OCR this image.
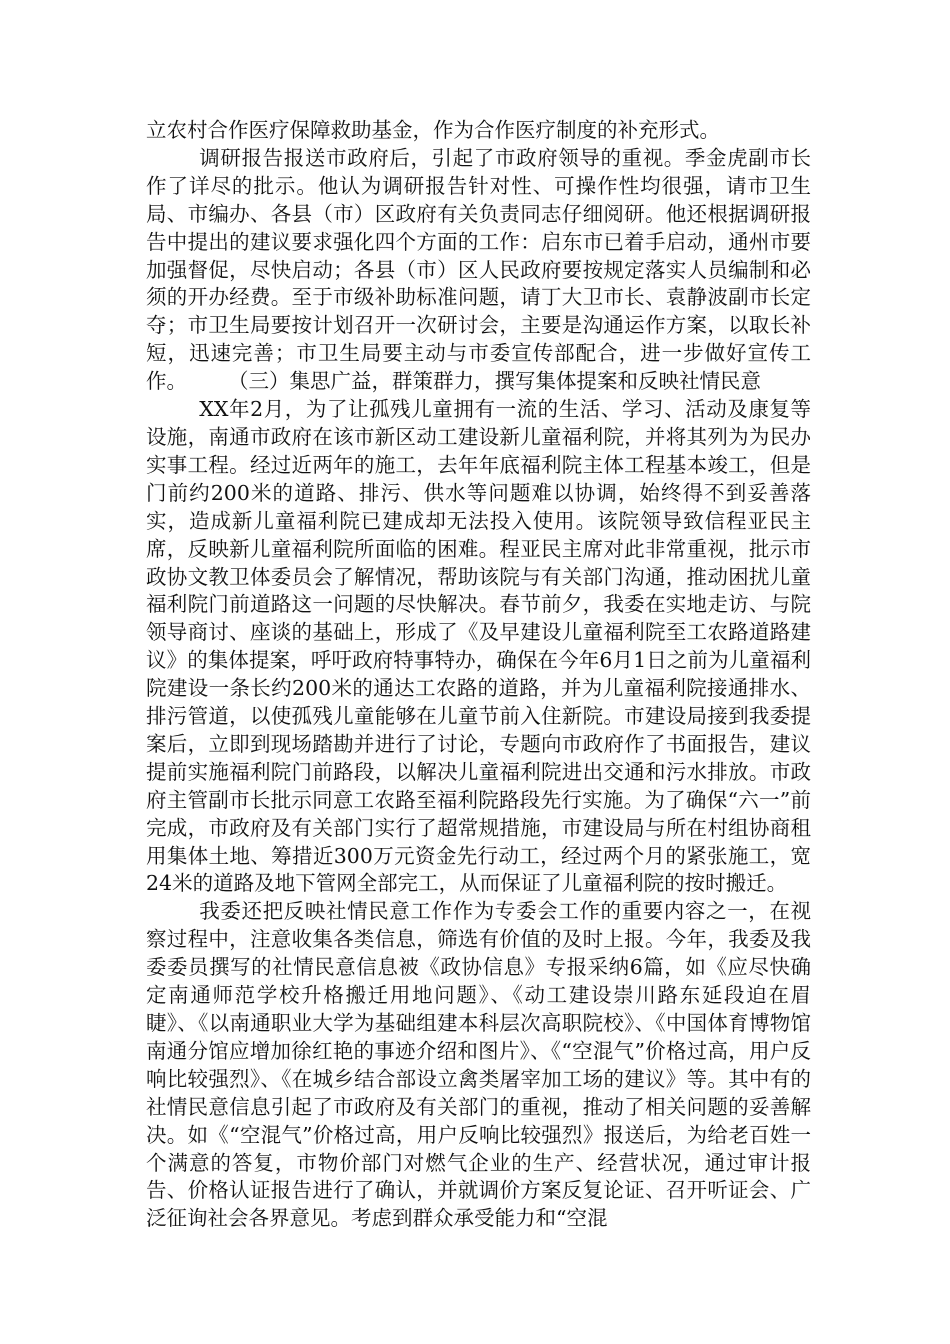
立农村合作医疗保障救助基金，作为合作医疗制度的补充形式。

调研报告报送市政府后，引起了市政府领导的重视。季金虎副市长作了详尽的批示。他认为调研报告针对性、可操作性均很强，请市卫生局、市编办、各县（市）区政府有关负责同志仔细阅研。他还根据调研报告中提出的建议要求强化四个方面的工作：启东市已着手启动，通州市要加强督促，尽快启动；各县（市）区人民政府要按规定落实人员编制和必须的开办经费。至于市级补助标准问题，请丁大卫市长、袁静波副市长定夺；市卫生局要按计划召开一次研讨会，主要是沟通运作方案，以取长补短，迅速完善；市卫生局要主动与市委宣传部配合，进一步做好宣传工作。　　　（三）集思广益，群策群力，撰写集体提案和反映社情民意

XX年2月，为了让孤残儿童拥有一流的生活、学习、活动及康复等设施，南通市政府在该市新区动工建设新儿童福利院，并将其列为为民办实事工程。经过近两年的施工，去年年底福利院主体工程基本竣工，但是门前约200米的道路、排污、供水等问题难以协调，始终得不到妥善落实，造成新儿童福利院已建成却无法投入使用。该院领导致信程亚民主席，反映新儿童福利院所面临的困难。程亚民主席对此非常重视，批示市政协文教卫体委员会了解情况，帮助该院与有关部门沟通，推动困扰儿童福利院门前道路这一问题的尽快解决。春节前夕，我委在实地走访、与院领导商讨、座谈的基础上，形成了《及早建设儿童福利院至工农路道路建议》的集体提案，呼吁政府特事特办，确保在今年6月1日之前为儿童福利院建设一条长约200米的通达工农路的道路，并为儿童福利院接通排水、排污管道，以使孤残儿童能够在儿童节前入住新院。市建设局接到我委提案后，立即到现场踏勘并进行了讨论，专题向市政府作了书面报告，建议提前实施福利院门前路段，以解决儿童福利院进出交通和污水排放。市政府主管副市长批示同意工农路至福利院路段先行实施。为了确保“六一”前完成，市政府及有关部门实行了超常规措施，市建设局与所在村组协商租用集体土地、筹措近300万元资金先行动工，经过两个月的紧张施工，宽24米的道路及地下管网全部完工，从而保证了儿童福利院的按时搬迁。

我委还把反映社情民意工作作为专委会工作的重要内容之一，在视察过程中，注意收集各类信息，筛选有价值的及时上报。今年，我委及我委委员撰写的社情民意信息被《政协信息》专报采纳6篇，如《应尽快确定南通师范学校升格搬迁用地问题》、《动工建设崇川路东延段迫在眉睫》、《以南通职业大学为基础组建本科层次高职院校》、《中国体育博物馆南通分馆应增加徐红艳的事迹介绍和图片》、《“空混气”价格过高，用户反响比较强烈》、《在城乡结合部设立禽类屠宰加工场的建议》等。其中有的社情民意信息引起了市政府及有关部门的重视，推动了相关问题的妥善解决。如《“空混气”价格过高，用户反响比较强烈》报送后，为给老百姓一个满意的答复，市物价部门对燃气企业的生产、经营状况，通过审计报告、价格认证报告进行了确认，并就调价方案反复论证、召开听证会、广泛征询社会各界意见。考虑到群众承受能力和“空混
